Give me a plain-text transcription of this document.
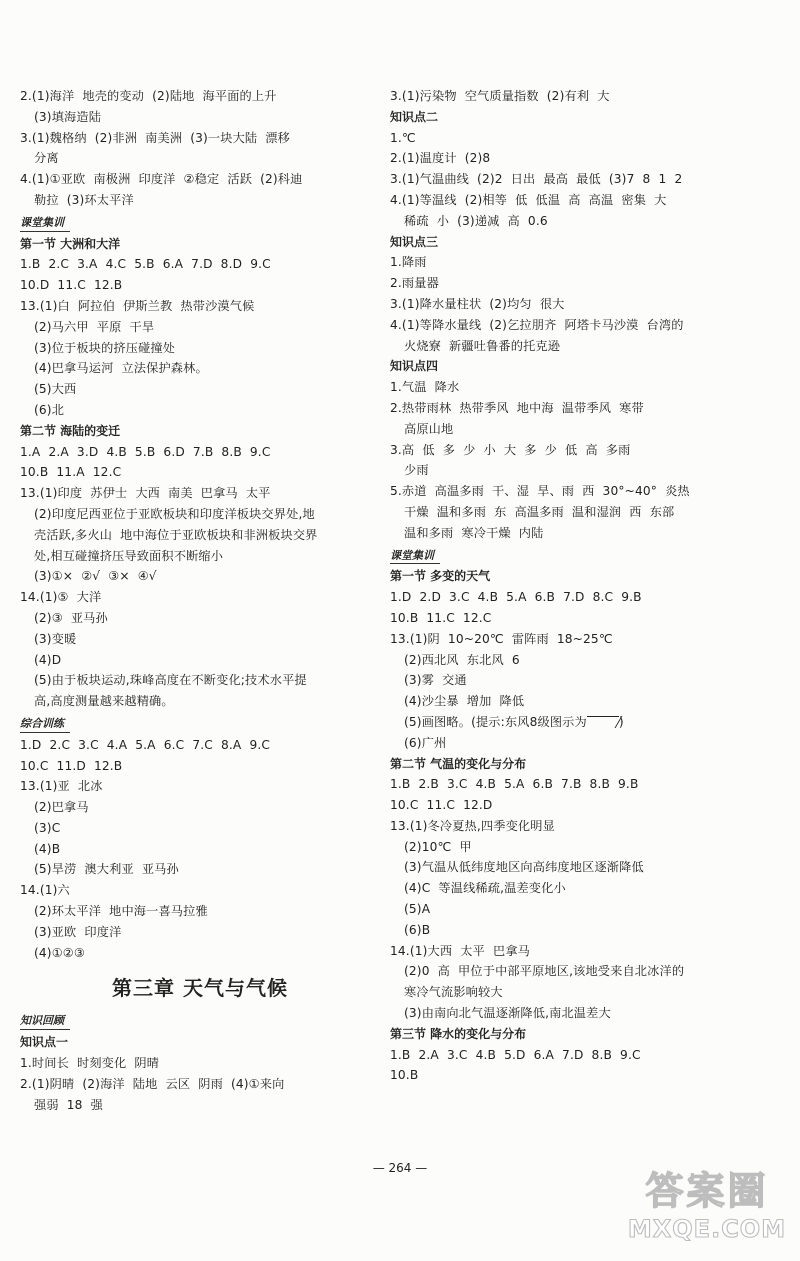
2.(1)海洋  地壳的变动  (2)陆地  海平面的上升
(3)填海造陆
3.(1)魏格纳  (2)非洲  南美洲  (3)一块大陆  漂移
分离
4.(1)①亚欧  南极洲  印度洋  ②稳定  活跃  (2)科迪
勒拉  (3)环太平洋
课堂集训
第一节 大洲和大洋
1.B  2.C  3.A  4.C  5.B  6.A  7.D  8.D  9.C
10.D  11.C  12.B
13.(1)白  阿拉伯  伊斯兰教  热带沙漠气候
(2)马六甲  平原  干旱
(3)位于板块的挤压碰撞处
(4)巴拿马运河  立法保护森林。
(5)大西
(6)北
第二节 海陆的变迁
1.A  2.A  3.D  4.B  5.B  6.D  7.B  8.B  9.C
10.B  11.A  12.C
13.(1)印度  苏伊士  大西  南美  巴拿马  太平
(2)印度尼西亚位于亚欧板块和印度洋板块交界处,地
壳活跃,多火山  地中海位于亚欧板块和非洲板块交界
处,相互碰撞挤压导致面积不断缩小
(3)①×  ②√  ③×  ④√
14.(1)⑤  大洋
(2)③  亚马孙
(3)变暖
(4)D
(5)由于板块运动,珠峰高度在不断变化;技术水平提
高,高度测量越来越精确。
综合训练
1.D  2.C  3.C  4.A  5.A  6.C  7.C  8.A  9.C
10.C  11.D  12.B
13.(1)亚  北冰
(2)巴拿马
(3)C
(4)B
(5)旱涝  澳大利亚  亚马孙
14.(1)六
(2)环太平洋  地中海一喜马拉雅
(3)亚欧  印度洋
(4)①②③
第三章 天气与气候
知识回顾
知识点一
1.时间长  时刻变化  阴晴
2.(1)阴晴  (2)海洋  陆地  云区  阴雨  (4)①来向
强弱  18  强
3.(1)污染物  空气质量指数  (2)有利  大
知识点二
1.℃
2.(1)温度计  (2)8
3.(1)气温曲线  (2)2  日出  最高  最低  (3)7  8  1  2
4.(1)等温线  (2)相等  低  低温  高  高温  密集  大
稀疏  小  (3)递减  高  0.6
知识点三
1.降雨
2.雨量器
3.(1)降水量柱状  (2)均匀  很大
4.(1)等降水量线  (2)乞拉朋齐  阿塔卡马沙漠  台湾的
火烧寮  新疆吐鲁番的托克逊
知识点四
1.气温  降水
2.热带雨林  热带季风  地中海  温带季风  寒带
高原山地
3.高  低  多  少  小  大  多  少  低  高  多雨
少雨
5.赤道  高温多雨  干、湿  旱、雨  西  30°~40°  炎热
干燥  温和多雨  东  高温多雨  温和湿润  西  东部
温和多雨  寒冷干燥  内陆
课堂集训
第一节 多变的天气
1.D  2.D  3.C  4.B  5.A  6.B  7.D  8.C  9.B
10.B  11.C  12.C
13.(1)阴  10~20℃  雷阵雨  18~25℃
(2)西北风  东北风  6
(3)雾  交通
(4)沙尘暴  增加  降低
(5)画图略。(提示:东风8级图示为	)
(6)广州
第二节 气温的变化与分布
1.B  2.B  3.C  4.B  5.A  6.B  7.B  8.B  9.B
10.C  11.C  12.D
13.(1)冬冷夏热,四季变化明显
(2)10℃  甲
(3)气温从低纬度地区向高纬度地区逐渐降低
(4)C  等温线稀疏,温差变化小
(5)A
(6)B
14.(1)大西  太平  巴拿马
(2)0  高  甲位于中部平原地区,该地受来自北冰洋的
寒冷气流影响较大
(3)由南向北气温逐渐降低,南北温差大
第三节 降水的变化与分布
1.B  2.A  3.C  4.B  5.D  6.A  7.D  8.B  9.C
10.B
— 264 —
答案圈
MXQE.COM
